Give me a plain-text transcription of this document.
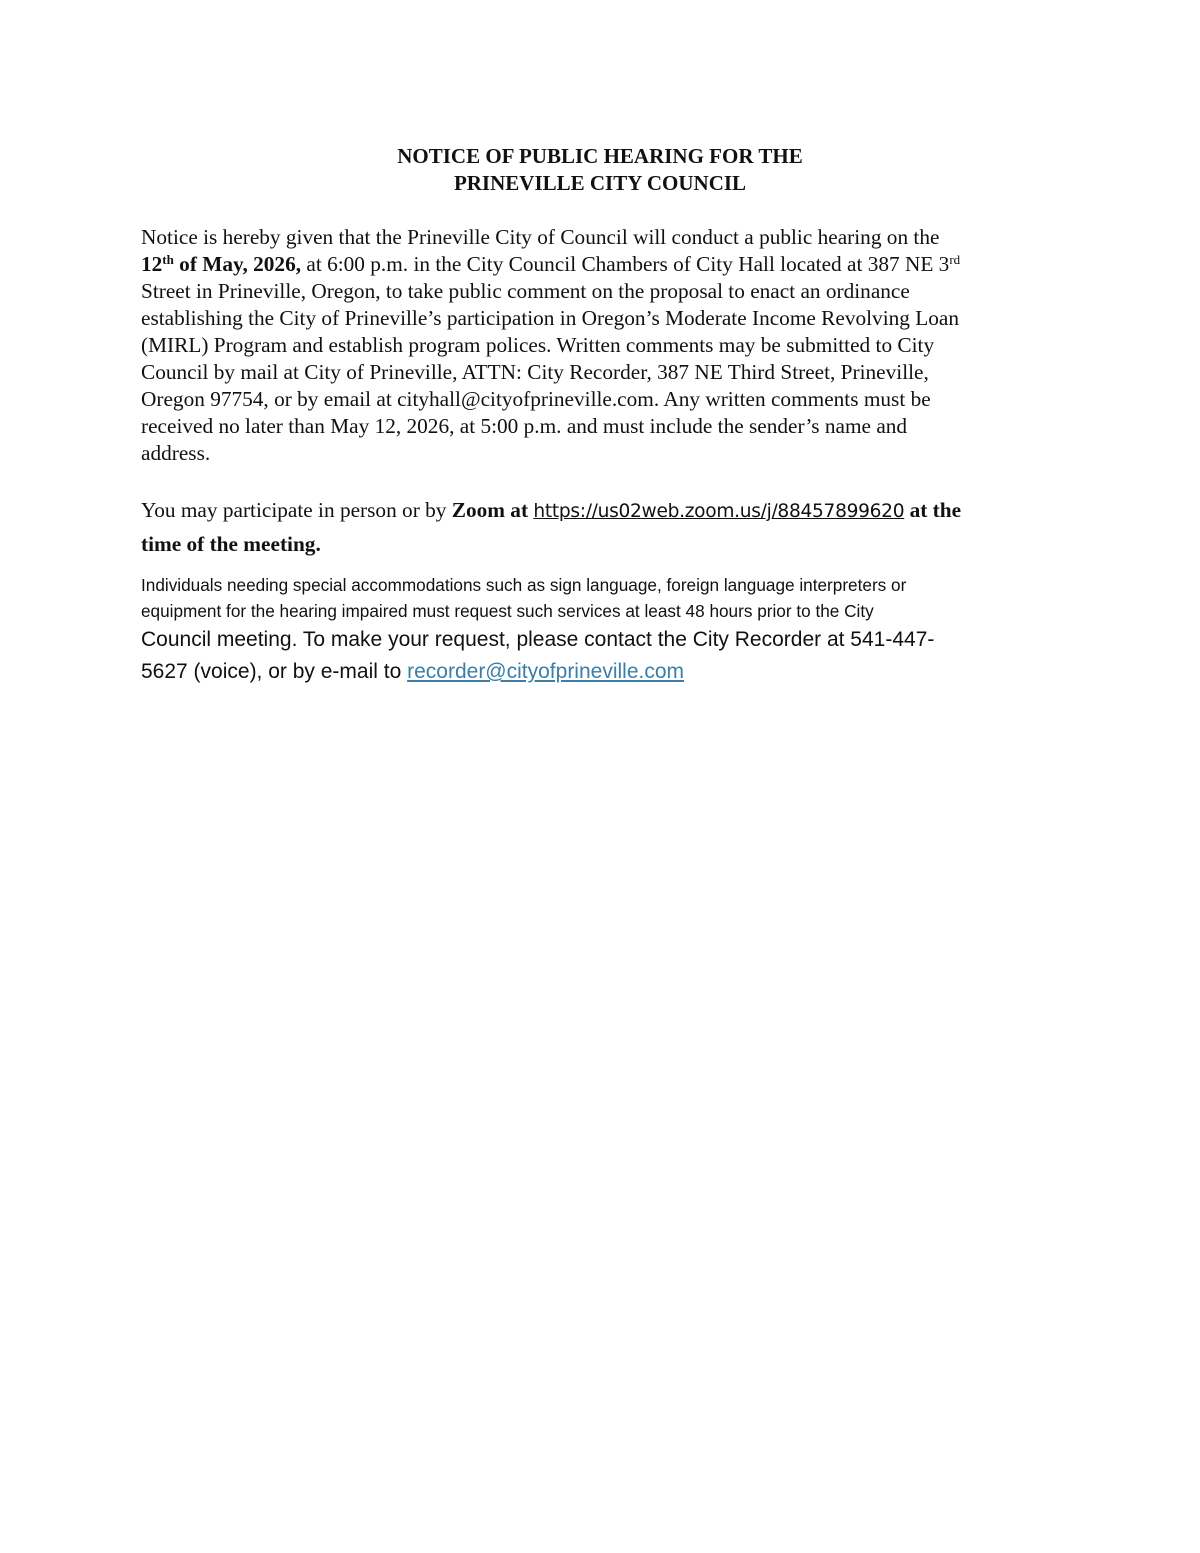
NOTICE OF PUBLIC HEARING FOR THE
PRINEVILLE CITY COUNCIL
Notice is hereby given that the Prineville City of Council will conduct a public hearing on the
12th of May, 2026, at 6:00 p.m. in the City Council Chambers of City Hall located at 387 NE 3rd
Street in Prineville, Oregon, to take public comment on the proposal to enact an ordinance
establishing the City of Prineville’s participation in Oregon’s Moderate Income Revolving Loan
(MIRL) Program and establish program polices. Written comments may be submitted to City
Council by mail at City of Prineville, ATTN: City Recorder, 387 NE Third Street, Prineville,
Oregon 97754, or by email at cityhall@cityofprineville.com. Any written comments must be
received no later than May 12, 2026, at 5:00 p.m. and must include the sender’s name and
address.
You may participate in person or by Zoom at https://us02web.zoom.us/j/88457899620 at the
time of the meeting.
Individuals needing special accommodations such as sign language, foreign language interpreters or
equipment for the hearing impaired must request such services at least 48 hours prior to the City
Council meeting. To make your request, please contact the City Recorder at 541-447-
5627 (voice), or by e-mail to recorder@cityofprineville.com
